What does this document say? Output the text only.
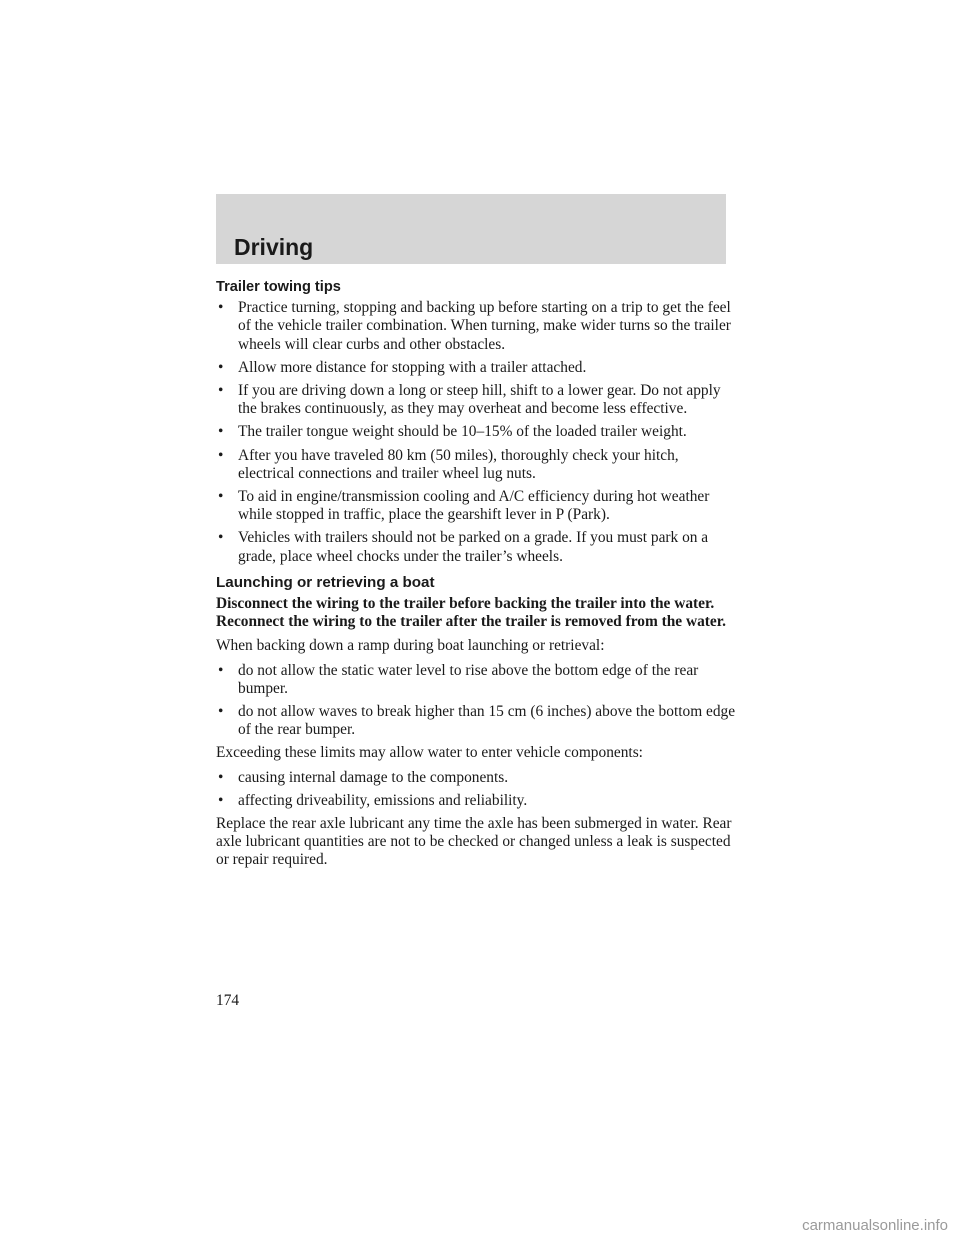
Driving
Trailer towing tips
• Practice turning, stopping and backing up before starting on a trip to get the feel of the vehicle trailer combination. When turning, make wider turns so the trailer wheels will clear curbs and other obstacles.
• Allow more distance for stopping with a trailer attached.
• If you are driving down a long or steep hill, shift to a lower gear. Do not apply the brakes continuously, as they may overheat and become less effective.
• The trailer tongue weight should be 10–15% of the loaded trailer weight.
• After you have traveled 80 km (50 miles), thoroughly check your hitch, electrical connections and trailer wheel lug nuts.
• To aid in engine/transmission cooling and A/C efficiency during hot weather while stopped in traffic, place the gearshift lever in P (Park).
• Vehicles with trailers should not be parked on a grade. If you must park on a grade, place wheel chocks under the trailer’s wheels.
Launching or retrieving a boat

Disconnect the wiring to the trailer before backing the trailer into the water. Reconnect the wiring to the trailer after the trailer is removed from the water.

When backing down a ramp during boat launching or retrieval:

• do not allow the static water level to rise above the bottom edge of the rear bumper.
• do not allow waves to break higher than 15 cm (6 inches) above the bottom edge of the rear bumper.

Exceeding these limits may allow water to enter vehicle components:

• causing internal damage to the components.
• affecting driveability, emissions and reliability.

Replace the rear axle lubricant any time the axle has been submerged in water. Rear axle lubricant quantities are not to be checked or changed unless a leak is suspected or repair required.

174
carmanualsonline.info
